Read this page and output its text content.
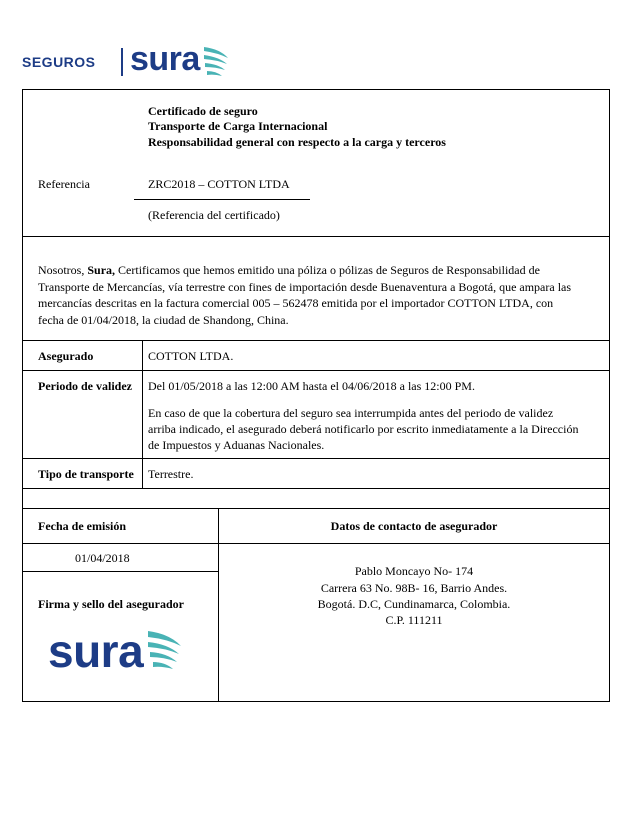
SEGUROS sura
Certificado de seguro
Transporte de Carga Internacional
Responsabilidad general con respecto a la carga y terceros
Referencia	ZRC2018 – COTTON LTDA
(Referencia del certificado)
Nosotros, Sura, Certificamos que hemos emitido una póliza o pólizas de Seguros de Responsabilidad de
Transporte de Mercancías, vía terrestre con fines de importación desde Buenaventura a Bogotá, que ampara las
mercancías descritas en la factura comercial 005 – 562478 emitida por el importador COTTON LTDA, con
fecha de 01/04/2018, la ciudad de Shandong, China.
Asegurado	COTTON LTDA.
Periodo de validez Del 01/05/2018 a las 12:00 AM hasta el 04/06/2018 a las 12:00 PM.
En caso de que la cobertura del seguro sea interrumpida antes del periodo de validez
arriba indicado, el asegurado deberá notificarlo por escrito inmediatamente a la Dirección
de Impuestos y Aduanas Nacionales.
Tipo de transporte Terrestre.
Fecha de emisión	Datos de contacto de asegurador
01/04/2018
Pablo Moncayo No- 174
Carrera 63 No. 98B- 16, Barrio Andes.
Bogotá. D.C, Cundinamarca, Colombia.
C.P. 111211
Firma y sello del asegurador
sura
